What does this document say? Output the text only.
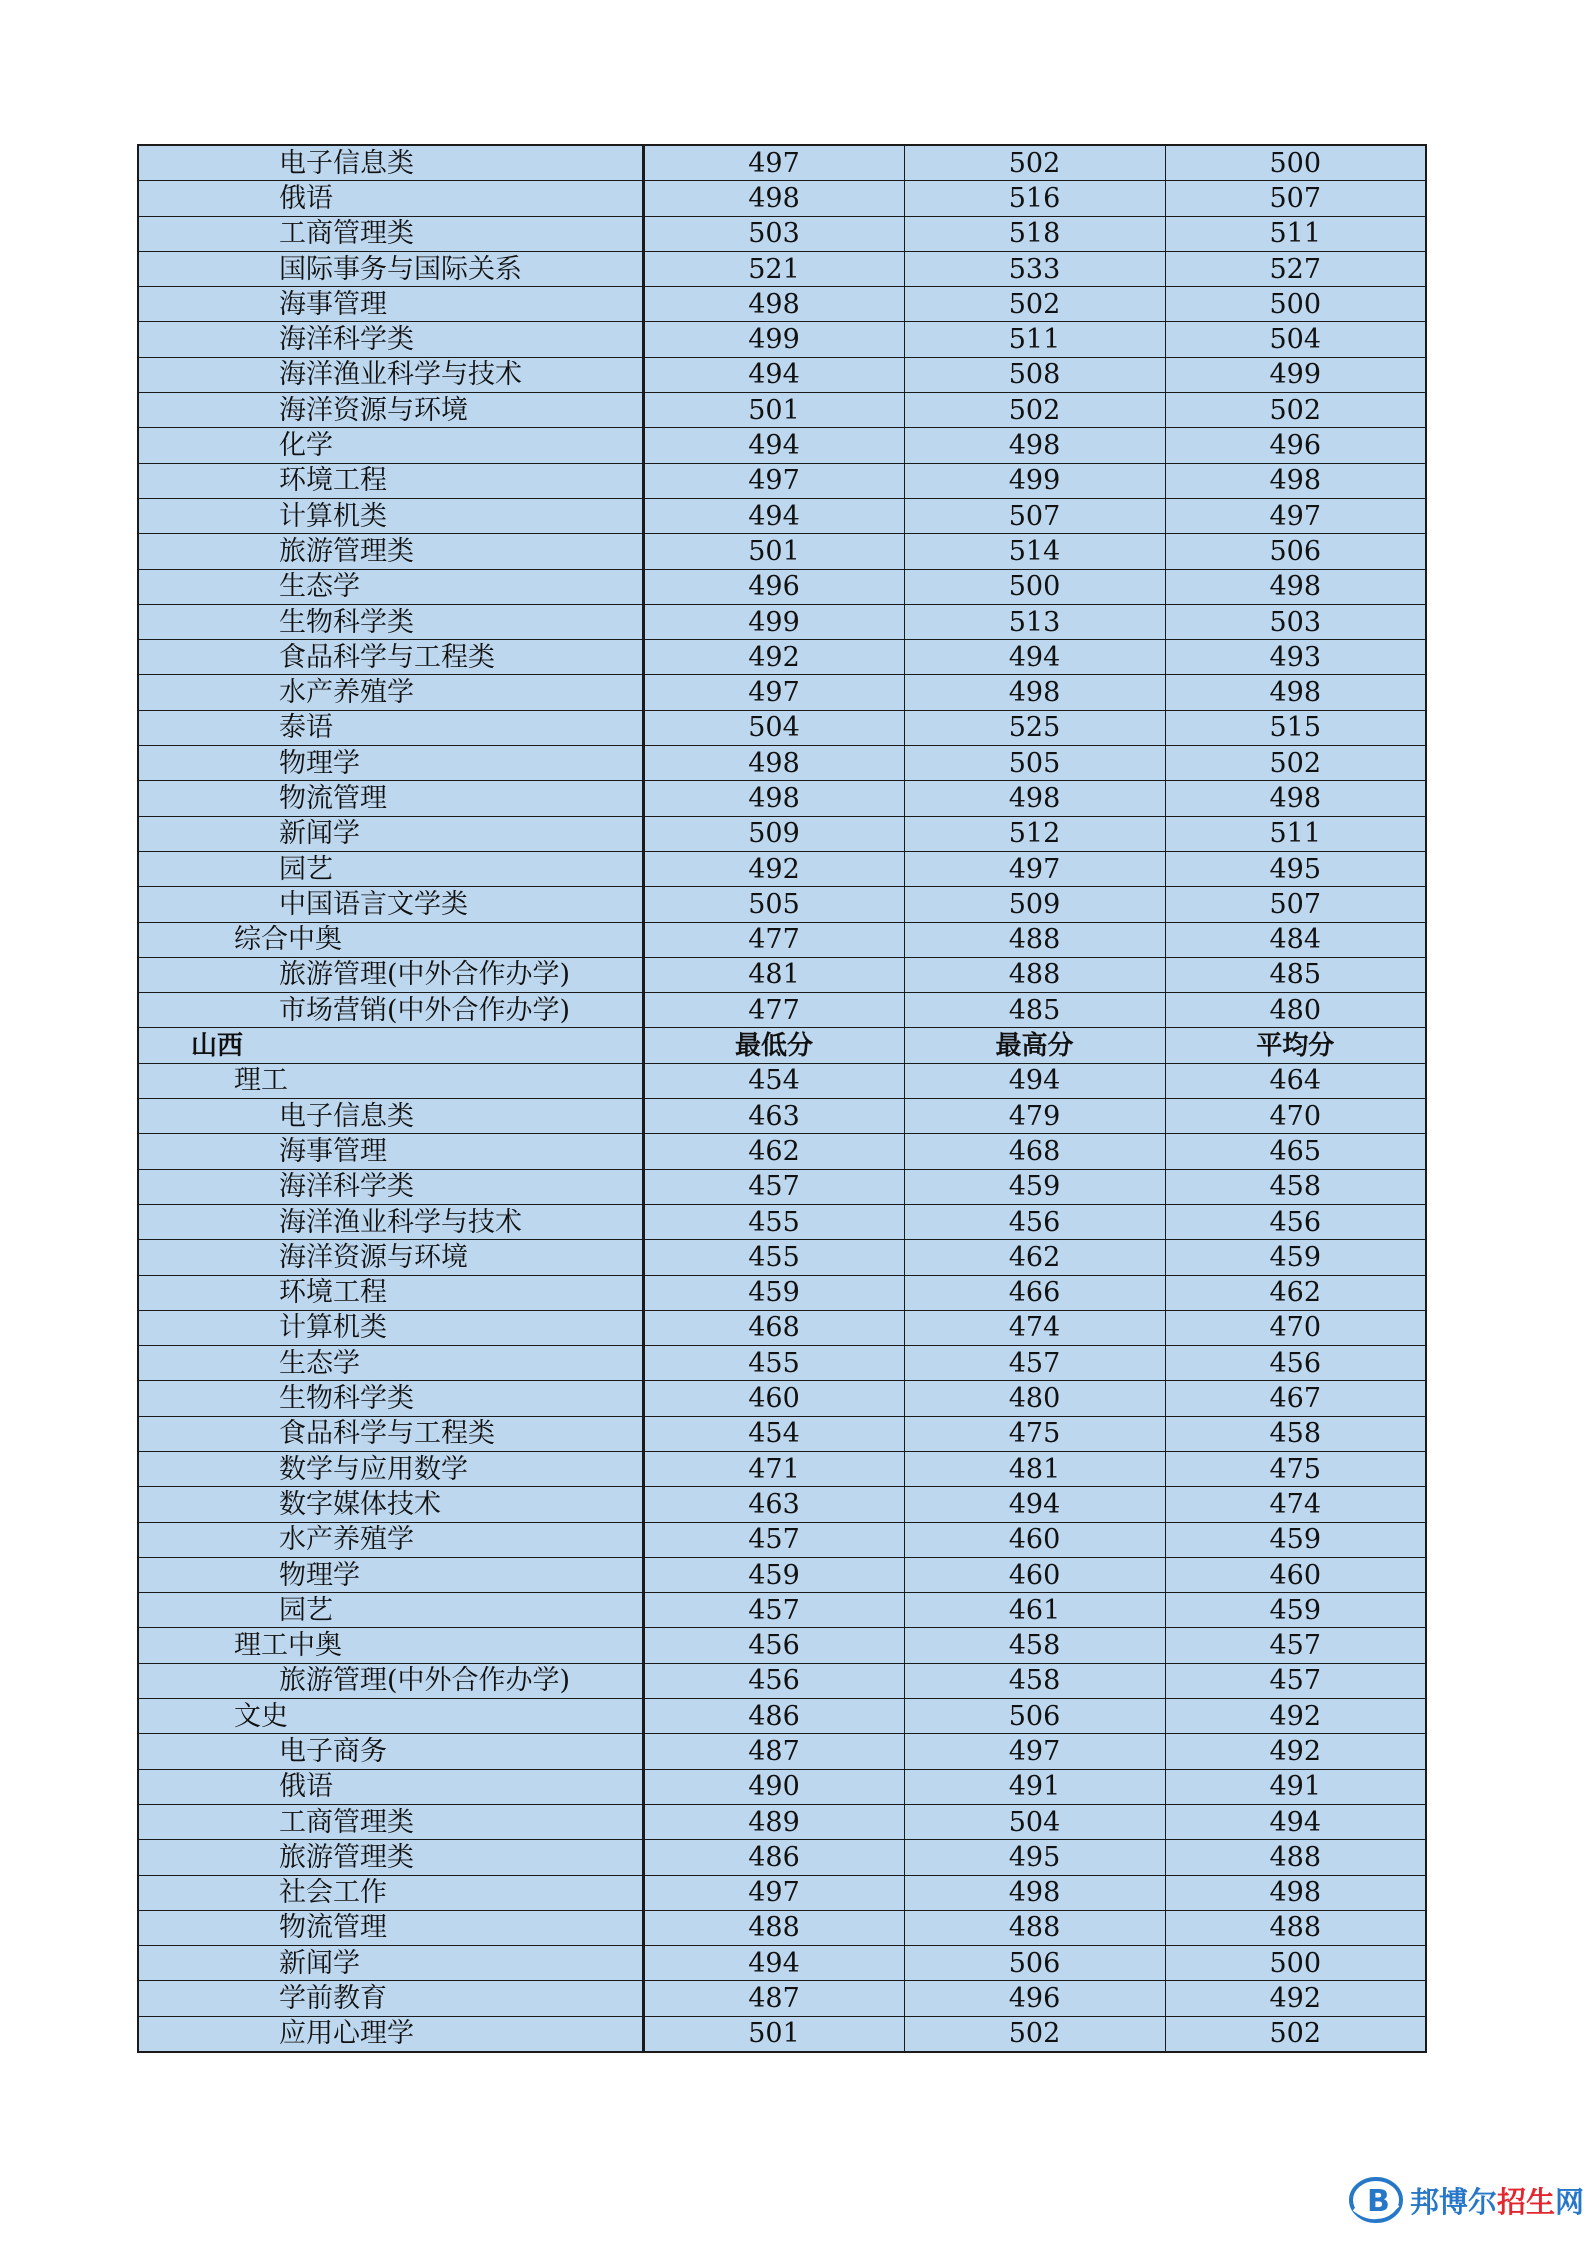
电子信息类	497	502	500
俄语	498	516	507
工商管理类	503	518	511
国际事务与国际关系	521	533	527
海事管理	498	502	500
海洋科学类	499	511	504
海洋渔业科学与技术	494	508	499
海洋资源与环境	501	502	502
化学	494	498	496
环境工程	497	499	498
计算机类	494	507	497
旅游管理类	501	514	506
生态学	496	500	498
生物科学类	499	513	503
食品科学与工程类	492	494	493
水产养殖学	497	498	498
泰语	504	525	515
物理学	498	505	502
物流管理	498	498	498
新闻学	509	512	511
园艺	492	497	495
中国语言文学类	505	509	507
综合中奥	477	488	484
旅游管理(中外合作办学)	481	488	485
市场营销(中外合作办学)	477	485	480
山西	最低分	最高分	平均分
理工	454	494	464
电子信息类	463	479	470
海事管理	462	468	465
海洋科学类	457	459	458
海洋渔业科学与技术	455	456	456
海洋资源与环境	455	462	459
环境工程	459	466	462
计算机类	468	474	470
生态学	455	457	456
生物科学类	460	480	467
食品科学与工程类	454	475	458
数学与应用数学	471	481	475
数字媒体技术	463	494	474
水产养殖学	457	460	459
物理学	459	460	460
园艺	457	461	459
理工中奥	456	458	457
旅游管理(中外合作办学)	456	458	457
文史	486	506	492
电子商务	487	497	492
俄语	490	491	491
工商管理类	489	504	494
旅游管理类	486	495	488
社会工作	497	498	498
物流管理	488	488	488
新闻学	494	506	500
学前教育	487	496	492
应用心理学	501	502	502
B 邦博尔招生网
